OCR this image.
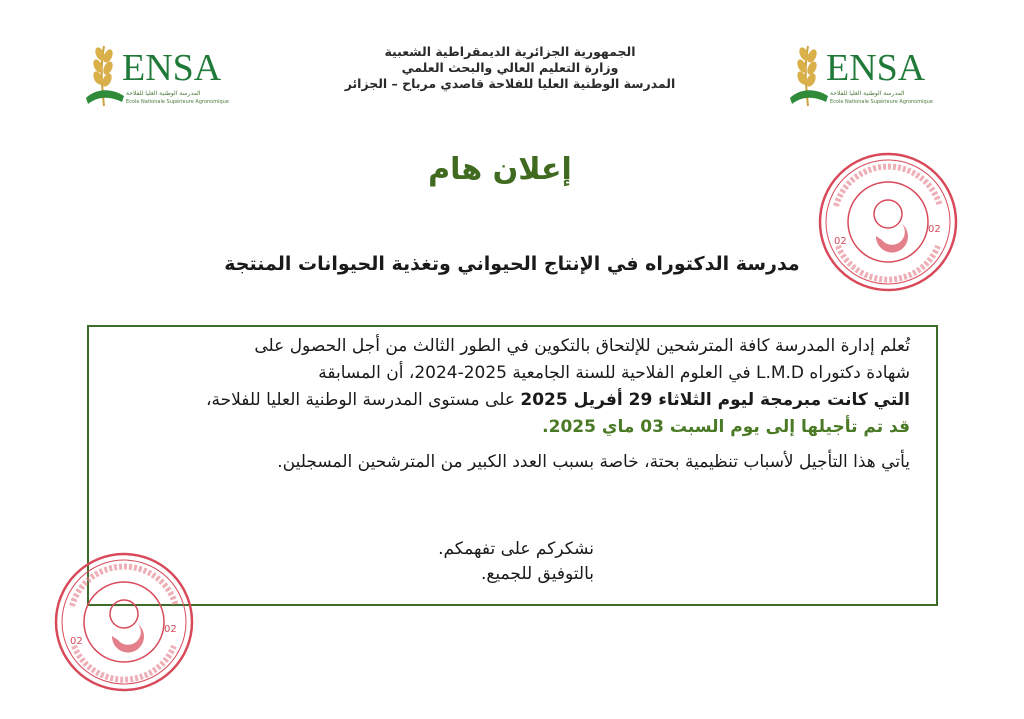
ENSA
المدرسة الوطنية العليا للفلاحة
Ecole Nationale Supérieure Agronomique
ENSA
المدرسة الوطنية العليا للفلاحة
Ecole Nationale Supérieure Agronomique
الجمهورية الجزائرية الديمقراطية الشعبية
وزارة التعليم العالي والبحث العلمي
المدرسة الوطنية العليا للفلاحة قاصدي مرباح – الجزائر
إعلان هام
مدرسة الدكتوراه في الإنتاج الحيواني وتغذية الحيوانات المنتجة
02
02
تُعلم إدارة المدرسة كافة المترشحين للإلتحاق بالتكوين في الطور الثالث من أجل الحصول على
شهادة دكتوراه L.M.D في العلوم الفلاحية للسنة الجامعية 2025-2024، أن المسابقة
التي كانت مبرمجة ليوم الثلاثاء 29 أفريل 2025 على مستوى المدرسة الوطنية العليا للفلاحة،
قد تم تأجيلها إلى يوم السبت 03 ماي 2025.
يأتي هذا التأجيل لأسباب تنظيمية بحتة، خاصة بسبب العدد الكبير من المترشحين المسجلين.
نشكركم على تفهمكم.
بالتوفيق للجميع.
02
02
